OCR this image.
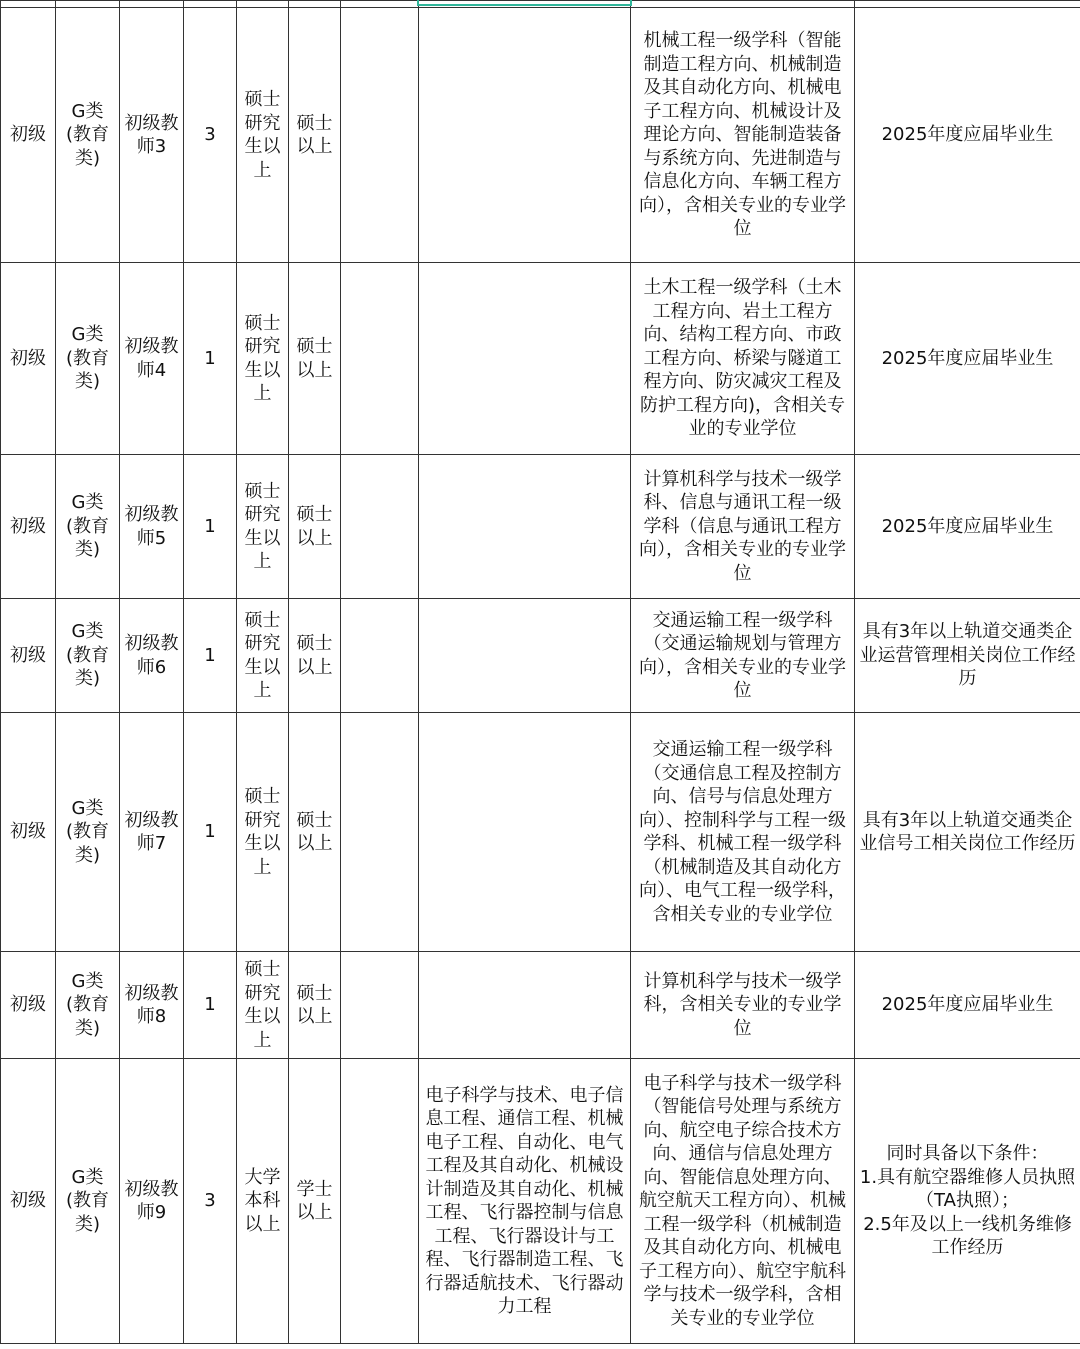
初级	G类(教育类)	初级教师3	3	硕士研究生以上	硕士以上			机械工程一级学科（智能制造工程方向、机械制造及其自动化方向、机械电子工程方向、机械设计及理论方向、智能制造装备与系统方向、先进制造与信息化方向、车辆工程方向），含相关专业的专业学位	2025年度应届毕业生
初级	G类(教育类)	初级教师4	1	硕士研究生以上	硕士以上			土木工程一级学科（土木工程方向、岩土工程方向、结构工程方向、市政工程方向、桥梁与隧道工程方向、防灾减灾工程及防护工程方向)，含相关专业的专业学位	2025年度应届毕业生
初级	G类(教育类)	初级教师5	1	硕士研究生以上	硕士以上			计算机科学与技术一级学科、信息与通讯工程一级学科（信息与通讯工程方向），含相关专业的专业学位	2025年度应届毕业生
初级	G类(教育类)	初级教师6	1	硕士研究生以上	硕士以上			交通运输工程一级学科（交通运输规划与管理方向），含相关专业的专业学位	具有3年以上轨道交通类企业运营管理相关岗位工作经历
初级	G类(教育类)	初级教师7	1	硕士研究生以上	硕士以上			交通运输工程一级学科（交通信息工程及控制方向、信号与信息处理方向）、控制科学与工程一级学科、机械工程一级学科（机械制造及其自动化方向）、电气工程一级学科，含相关专业的专业学位	具有3年以上轨道交通类企业信号工相关岗位工作经历
初级	G类(教育类)	初级教师8	1	硕士研究生以上	硕士以上			计算机科学与技术一级学科，含相关专业的专业学位	2025年度应届毕业生
初级	G类(教育类)	初级教师9	3	大学本科以上	学士以上		电子科学与技术、电子信息工程、通信工程、机械电子工程、自动化、电气工程及其自动化、机械设计制造及其自动化、机械工程、飞行器控制与信息工程、飞行器设计与工程、飞行器制造工程、飞行器适航技术、飞行器动力工程	电子科学与技术一级学科（智能信号处理与系统方向、航空电子综合技术方向、通信与信息处理方向、智能信息处理方向、航空航天工程方向）、机械工程一级学科（机械制造及其自动化方向、机械电子工程方向）、航空宇航科学与技术一级学科，含相关专业的专业学位	同时具备以下条件：
1.具有航空器维修人员执照（TA执照）；
2.5年及以上一线机务维修工作经历
